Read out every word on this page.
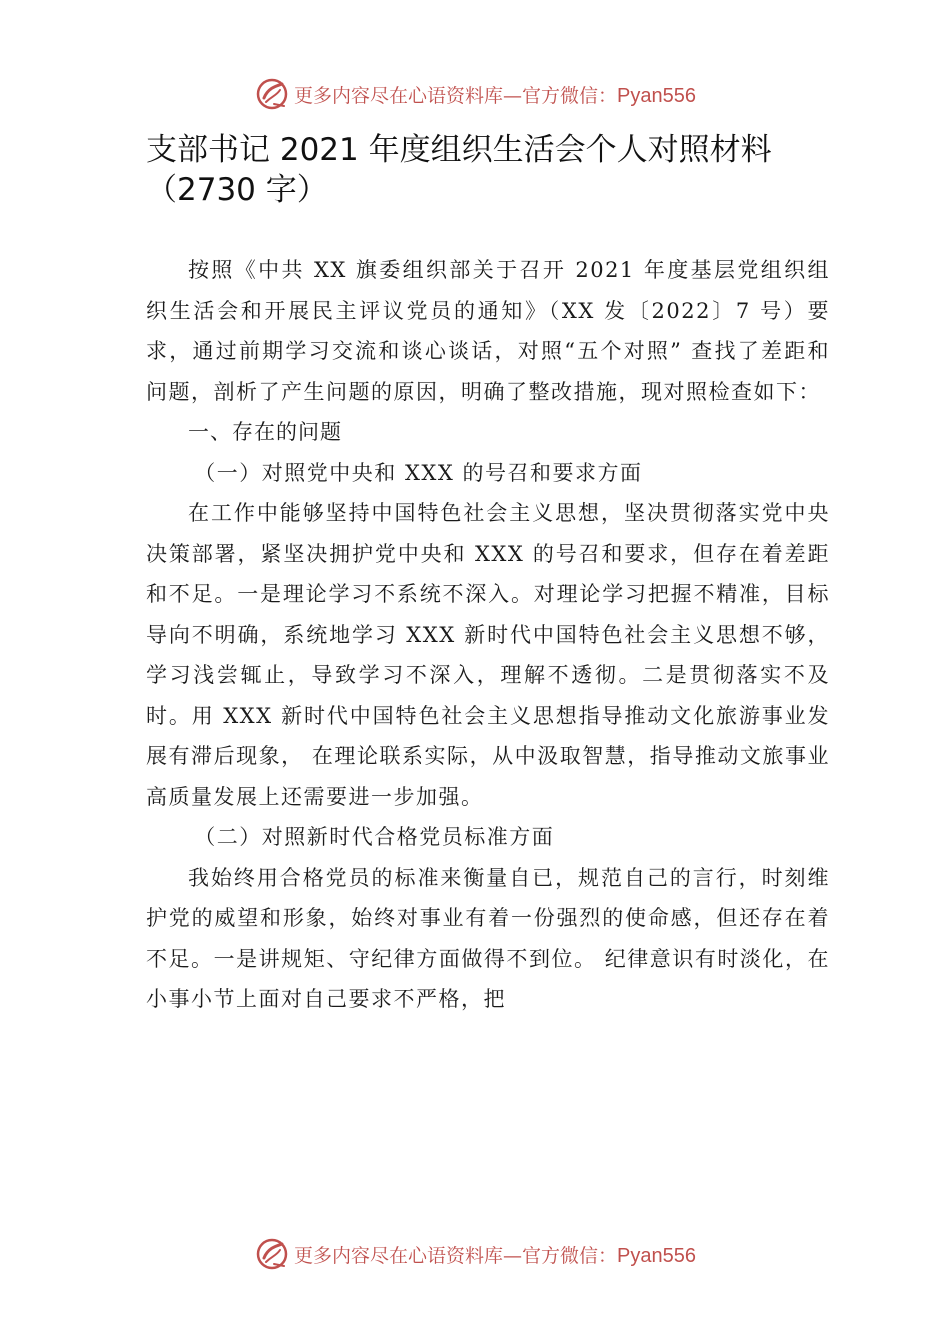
更多内容尽在心语资料库—官方微信：Pyan556
支部书记 2021 年度组织生活会个人对照材料（2730 字）

按照《中共 XX 旗委组织部关于召开 2021 年度基层党组织组织生活会和开展民主评议党员的通知》（XX 发〔2022〕7 号）要求，通过前期学习交流和谈心谈话，对照“五个对照” 查找了差距和问题，剖析了产生问题的原因，明确了整改措施，现对照检查如下：

一、存在的问题

（一）对照党中央和 XXX 的号召和要求方面

在工作中能够坚持中国特色社会主义思想，坚决贯彻落实党中央决策部署，紧坚决拥护党中央和 XXX 的号召和要求，但存在着差距和不足。一是理论学习不系统不深入。对理论学习把握不精准，目标导向不明确，系统地学习 XXX 新时代中国特色社会主义思想不够，学习浅尝辄止，导致学习不深入，理解不透彻。二是贯彻落实不及时。用 XXX 新时代中国特色社会主义思想指导推动文化旅游事业发展有滞后现象， 在理论联系实际，从中汲取智慧，指导推动文旅事业高质量发展上还需要进一步加强。

（二）对照新时代合格党员标准方面

我始终用合格党员的标准来衡量自已，规范自己的言行，时刻维护党的威望和形象，始终对事业有着一份强烈的使命感，但还存在着不足。一是讲规矩、守纪律方面做得不到位。 纪律意识有时淡化，在小事小节上面对自己要求不严格，把

更多内容尽在心语资料库—官方微信：Pyan556
